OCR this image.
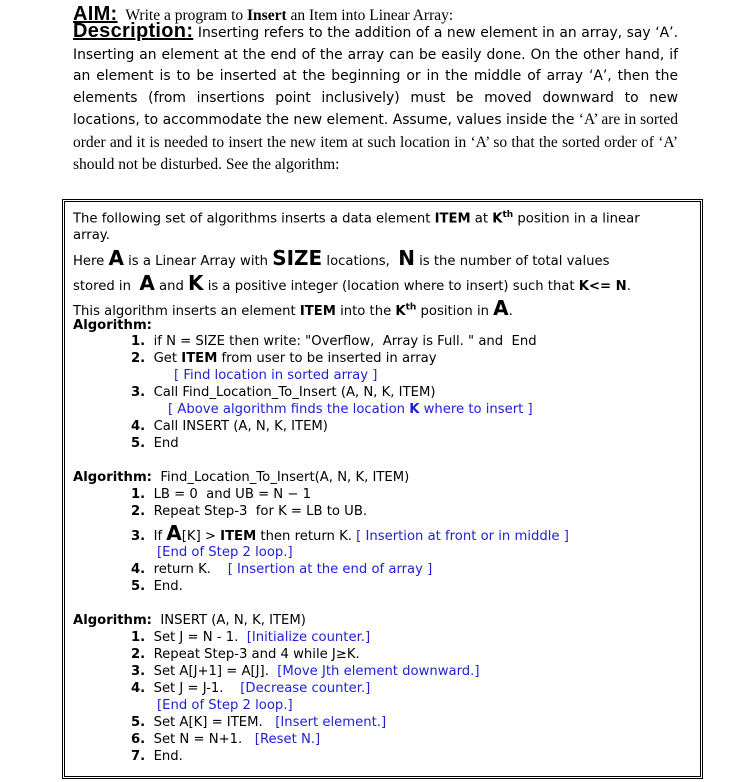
AIM:  Write a program to Insert an Item into Linear Array:
Description: Inserting refers to the addition of a new element in an array, say ‘A’. Inserting an element at the end of the array can be easily done. On the other hand, if an element is to be inserted at the beginning or in the middle of array ‘A’, then the elements (from insertions point inclusively) must be moved downward to new locations, to accommodate the new element. Assume, values inside the ‘A’ are in sorted order and it is needed to insert the new item at such location in ‘A’ so that the sorted order of ‘A’ should not be disturbed. See the algorithm:
The following set of algorithms inserts a data element ITEM at $K^{th}$ position in a linear
array.
Here A is a Linear Array with SIZE locations,  N is the number of total values
stored in  A and K is a positive integer (location where to insert) such that K<= N.
This algorithm inserts an element ITEM into the $K^{th}$ position in A.
Algorithm:
1.  if N = SIZE then write: "Overflow,  Array is Full. " and  End
2.  Get ITEM from user to be inserted in array
[ Find location in sorted array ]
3.  Call Find_Location_To_Insert (A, N, K, ITEM)
[ Above algorithm finds the location K where to insert ]
4.  Call INSERT (A, N, K, ITEM)
5.  End
Algorithm: Find_Location_To_Insert(A, N, K, ITEM)
1.  LB = 0  and UB = N − 1
2.  Repeat Step-3  for K = LB to UB.
3.  If A[K] > ITEM then return K. [ Insertion at front or in middle ]
[End of Step 2 loop.]
4.  return K.    [ Insertion at the end of array ]
5.  End.
Algorithm: INSERT (A, N, K, ITEM)
1.  Set J = N - 1.  [Initialize counter.]
2.  Repeat Step-3 and 4 while J≥K.
3.  Set A[J+1] = A[J].  [Move Jth element downward.]
4.  Set J = J-1.    [Decrease counter.]
[End of Step 2 loop.]
5.  Set A[K] = ITEM.   [Insert element.]
6.  Set N = N+1.   [Reset N.]
7.  End.
